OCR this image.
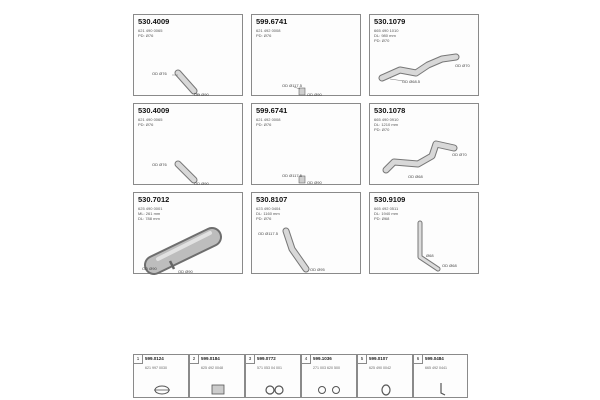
530.4009
621 490 0065
PD: Ø76
OD Ø76
OD Ø90
599.6741
621 492 0008
PD: Ø76
OD Ø117.5
OD Ø90
530.1079
665 490 1010
DL: 980 mm
PD: Ø70
OD Ø68.5
OD Ø70
530.4009
621 490 0065
PD: Ø76
OD Ø76
OD Ø90
599.6741
621 492 0008
PD: Ø76
OD Ø117.5
OD Ø90
530.1078
665 490 0910
DL: 1210 mm
PD: Ø70
OD Ø70
OD Ø68
530.7012
625 490 0001
ML: 261 mm
DL: 788 mm
OD Ø90
OD Ø90
530.8107
623 490 0404
DL: 1160 mm
PD: Ø76
OD Ø117.5
OD Ø95
530.9109
665 492 0511
DL: 1940 mm
PD: Ø68
Ø68
OD Ø68
1	599.0124
621 997 0030
2	599.0184
625 492 0048
3	599.0772
571 053 04 001
4	599.1036
271 003 620 500
5	599.0107
625 490 0042
6	599.0484
665 492 0441
